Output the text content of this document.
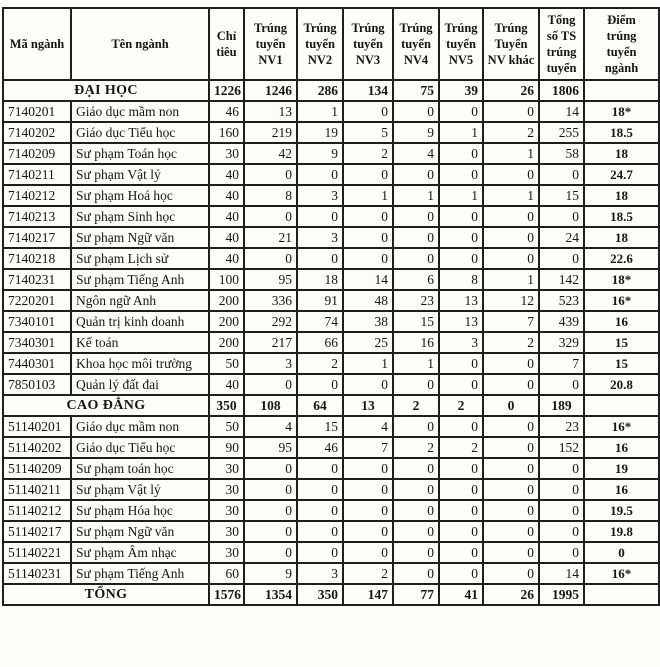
Mã ngành	Tên ngành	Chỉ tiêu	Trúng tuyển NV1	Trúng tuyển NV2	Trúng tuyển NV3	Trúng tuyển NV4	Trúng tuyển NV5	Trúng Tuyển NV khác	Tổng số TS trúng tuyển	Điểm trúng tuyển ngành
ĐẠI HỌC		1226	1246	286	134	75	39	26	1806	
7140201	Giáo dục mầm non	46	13	1	0	0	0	0	14	18*
7140202	Giáo dục Tiểu học	160	219	19	5	9	1	2	255	18.5
7140209	Sư phạm Toán học	30	42	9	2	4	0	1	58	18
7140211	Sư phạm Vật lý	40	0	0	0	0	0	0	0	24.7
7140212	Sư phạm Hoá học	40	8	3	1	1	1	1	15	18
7140213	Sư phạm Sinh học	40	0	0	0	0	0	0	0	18.5
7140217	Sư phạm Ngữ văn	40	21	3	0	0	0	0	24	18
7140218	Sư phạm Lịch sử	40	0	0	0	0	0	0	0	22.6
7140231	Sư phạm Tiếng Anh	100	95	18	14	6	8	1	142	18*
7220201	Ngôn ngữ Anh	200	336	91	48	23	13	12	523	16*
7340101	Quản trị kinh doanh	200	292	74	38	15	13	7	439	16
7340301	Kế toán	200	217	66	25	16	3	2	329	15
7440301	Khoa học môi trường	50	3	2	1	1	0	0	7	15
7850103	Quản lý đất đai	40	0	0	0	0	0	0	0	20.8
CAO ĐẲNG		350	108	64	13	2	2	0	189	
51140201	Giáo dục mầm non	50	4	15	4	0	0	0	23	16*
51140202	Giáo dục Tiểu học	90	95	46	7	2	2	0	152	16
51140209	Sư phạm toán học	30	0	0	0	0	0	0	0	19
51140211	Sư phạm Vật lý	30	0	0	0	0	0	0	0	16
51140212	Sư phạm Hóa học	30	0	0	0	0	0	0	0	19.5
51140217	Sư phạm Ngữ văn	30	0	0	0	0	0	0	0	19.8
51140221	Sư phạm Âm nhạc	30	0	0	0	0	0	0	0	0
51140231	Sư phạm Tiếng Anh	60	9	3	2	0	0	0	14	16*
TỔNG		1576	1354	350	147	77	41	26	1995	
